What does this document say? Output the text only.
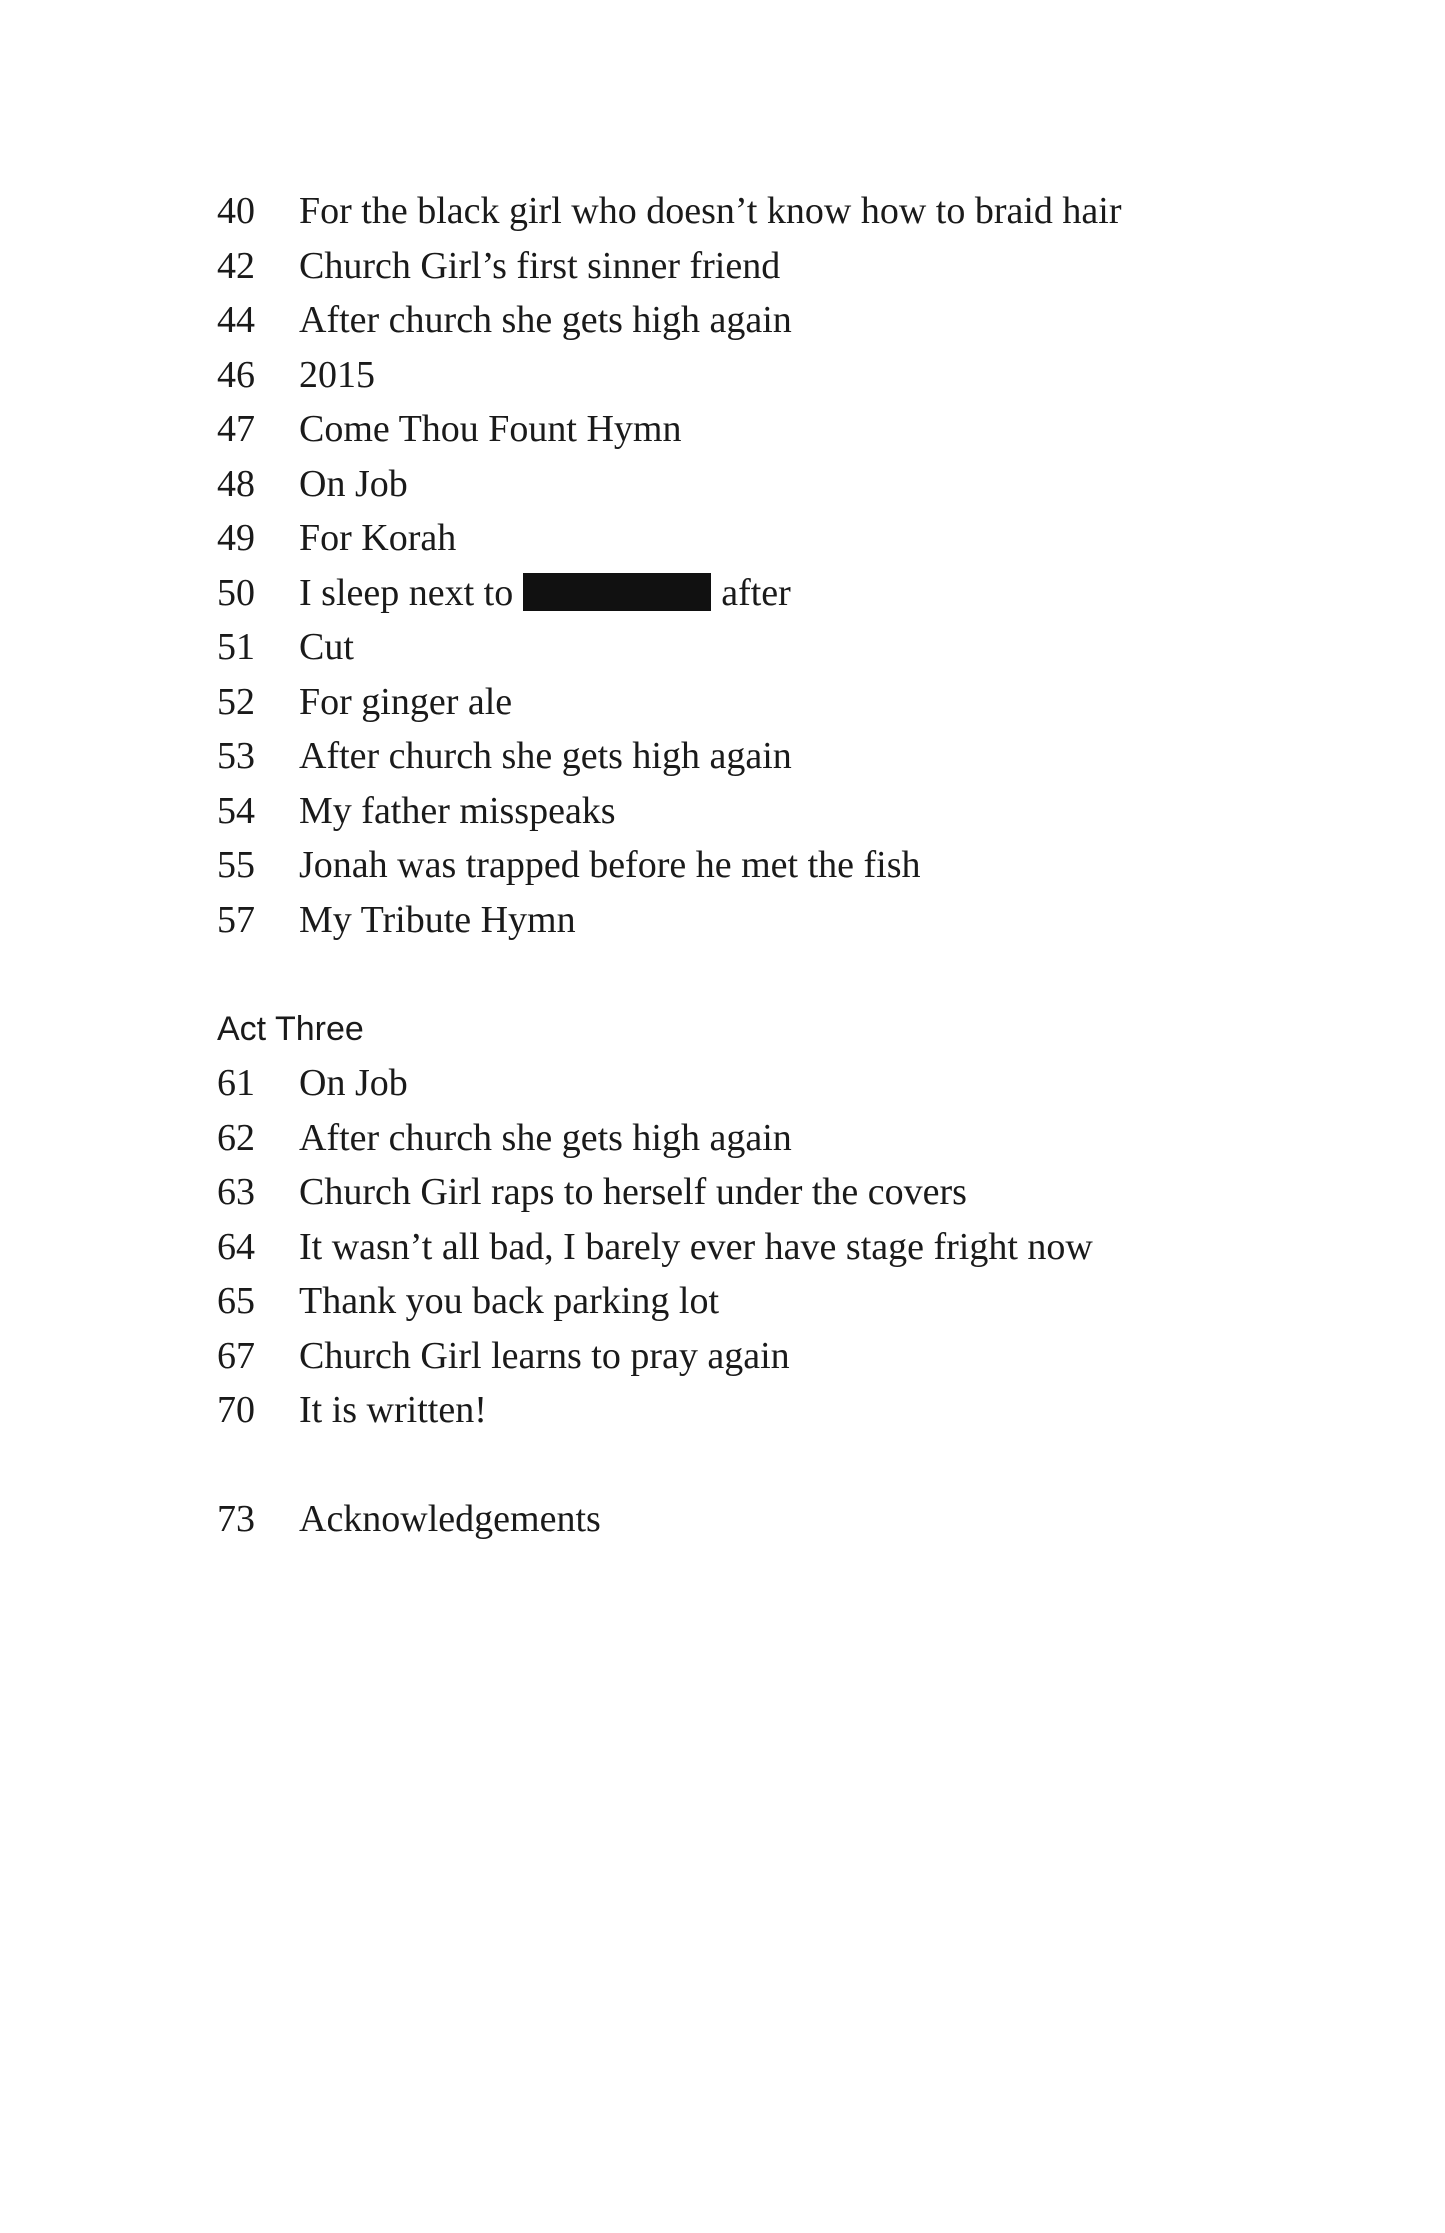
40	For the black girl who doesn’t know how to braid hair
42	Church Girl’s first sinner friend
44	After church she gets high again
46	2015
47	Come Thou Fount Hymn
48	On Job
49	For Korah
50	I sleep next to	after
51	Cut
52	For ginger ale
53	After church she gets high again
54	My father misspeaks
55	Jonah was trapped before he met the fish
57	My Tribute Hymn
Act Three
61	On Job
62	After church she gets high again
63	Church Girl raps to herself under the covers
64	It wasn’t all bad, I barely ever have stage fright now
65	Thank you back parking lot
67	Church Girl learns to pray again
70	It is written!
73	Acknowledgements
